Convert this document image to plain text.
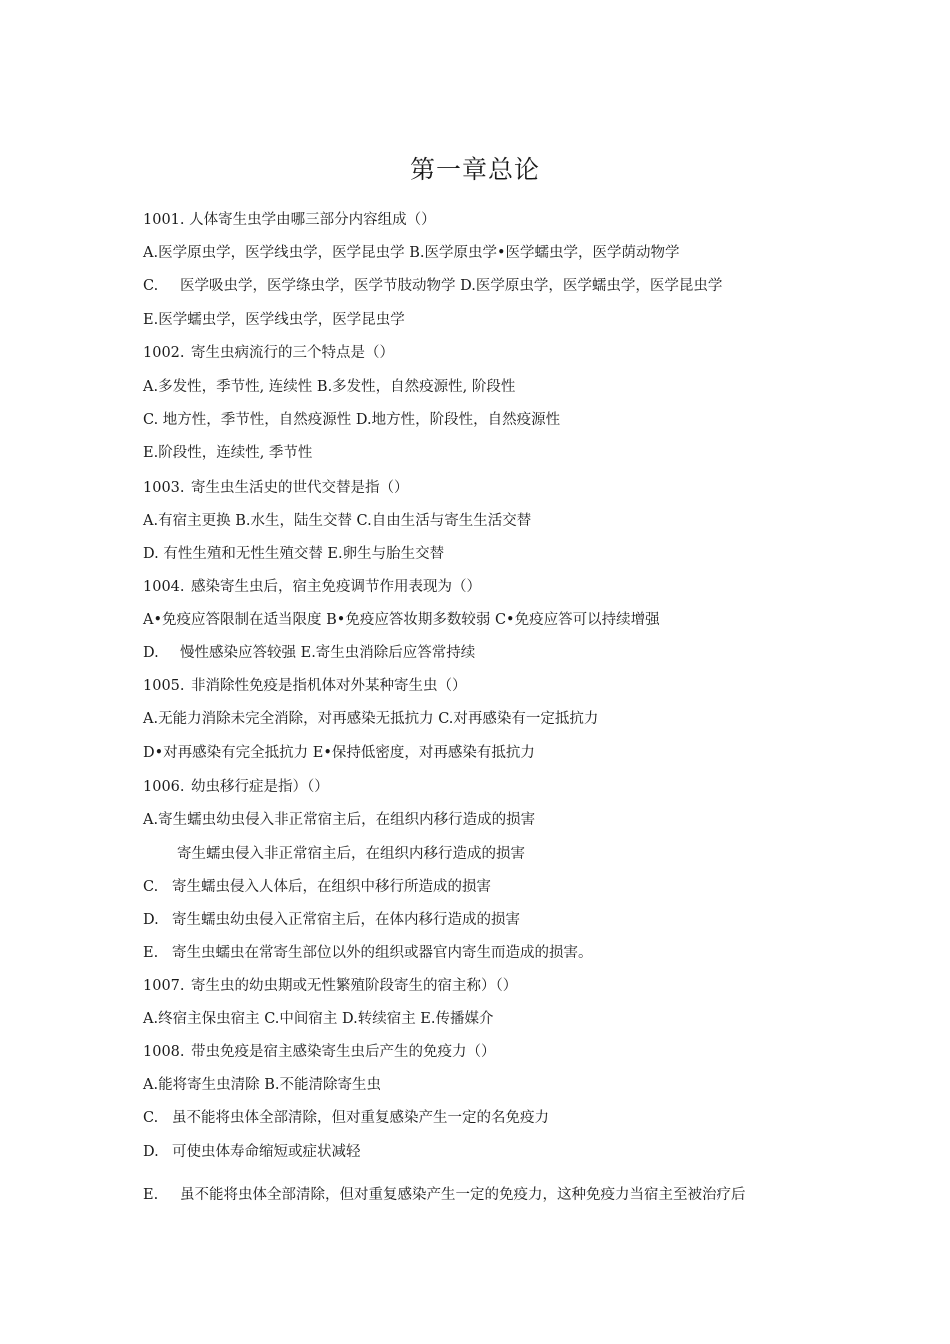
第一章总论
1001. 人体寄生虫学由哪三部分内容组成（）
A.医学原虫学，医学线虫学，医学昆虫学 B.医学原虫学•医学蠕虫学，医学荫动物学
C. 医学吸虫学，医学绦虫学，医学节肢动物学 D.医学原虫学，医学蠕虫学，医学昆虫学
E.医学蠕虫学，医学线虫学，医学昆虫学
1002. 寄生虫病流行的三个特点是（）
A.多发性，季节性, 连续性 B.多发性，自然疫源性, 阶段性
C. 地方性，季节性，自然疫源性 D.地方性，阶段性，自然疫源性
E.阶段性，连续性, 季节性
1003. 寄生虫生活史的世代交替是指（）
A.有宿主更换 B.水生，陆生交替 C.自由生活与寄生生活交替
D. 有性生殖和无性生殖交替 E.卵生与胎生交替
1004. 感染寄生虫后，宿主免疫调节作用表现为（）
A•免疫应答限制在适当限度 B•免疫应答妆期多数较弱 C•免疫应答可以持续增强
D. 慢性感染应答较强 E.寄生虫消除后应答常持续
1005. 非消除性免疫是指机体对外某种寄生虫（）
A.无能力消除未完全消除，对再感染无抵抗力 C.对再感染有一定抵抗力
D•对再感染有完全抵抗力 E•保持低密度，对再感染有抵抗力
1006. 幼虫移行症是指）（）
A.寄生蠕虫幼虫侵入非正常宿主后，在组织内移行造成的损害
寄生蠕虫侵入非正常宿主后，在组织内移行造成的损害
C. 寄生蠕虫侵入人体后，在组织中移行所造成的损害
D. 寄生蠕虫幼虫侵入正常宿主后，在体内移行造成的损害
E. 寄生虫蠕虫在常寄生部位以外的组织或器官内寄生而造成的损害。
1007. 寄生虫的幼虫期或无性繁殖阶段寄生的宿主称）（）
A.终宿主保虫宿主 C.中间宿主 D.转续宿主 E.传播媒介
1008. 带虫免疫是宿主感染寄生虫后产生的免疫力（）
A.能将寄生虫清除 B.不能清除寄生虫
C. 虽不能将虫体全部清除，但对重复感染产生一定的名免疫力
D. 可使虫体寿命缩短或症状减轻
E. 虽不能将虫体全部清除，但对重复感染产生一定的免疫力，这种免疫力当宿主至被治疗后
